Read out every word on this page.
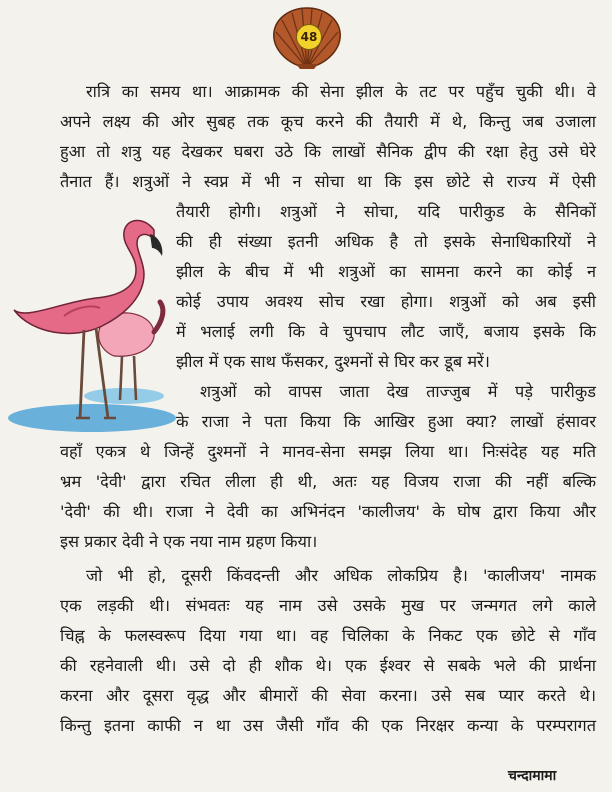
48
रात्रि का समय था। आक्रामक की सेना झील के तट पर पहुँच चुकी थी। वे
अपने लक्ष्य की ओर सुबह तक कूच करने की तैयारी में थे, किन्तु जब उजाला
हुआ तो शत्रु यह देखकर घबरा उठे कि लाखों सैनिक द्वीप की रक्षा हेतु उसे घेरे
तैनात हैं। शत्रुओं ने स्वप्न में भी न सोचा था कि इस छोटे से राज्य में ऐसी
तैयारी होगी। शत्रुओं ने सोचा, यदि पारीकुड के सैनिकों
की ही संख्या इतनी अधिक है तो इसके सेनाधिकारियों ने
झील के बीच में भी शत्रुओं का सामना करने का कोई न
कोई उपाय अवश्य सोच रखा होगा। शत्रुओं को अब इसी
में भलाई लगी कि वे चुपचाप लौट जाएँ, बजाय इसके कि
झील में एक साथ फँसकर, दुश्मनों से घिर कर डूब मरें।
शत्रुओं को वापस जाता देख ताज्जुब में पड़े पारीकुड
के राजा ने पता किया कि आखिर हुआ क्या? लाखों हंसावर
वहाँ एकत्र थे जिन्हें दुश्मनों ने मानव-सेना समझ लिया था। निःसंदेह यह मति
भ्रम 'देवी' द्वारा रचित लीला ही थी, अतः यह विजय राजा की नहीं बल्कि
'देवी' की थी। राजा ने देवी का अभिनंदन 'कालीजय' के घोष द्वारा किया और
इस प्रकार देवी ने एक नया नाम ग्रहण किया।
जो भी हो, दूसरी किंवदन्ती और अधिक लोकप्रिय है। 'कालीजय' नामक
एक लड़की थी। संभवतः यह नाम उसे उसके मुख पर जन्मगत लगे काले
चिह्न के फलस्वरूप दिया गया था। वह चिलिका के निकट एक छोटे से गाँव
की रहनेवाली थी। उसे दो ही शौक थे। एक ईश्वर से सबके भले की प्रार्थना
करना और दूसरा वृद्ध और बीमारों की सेवा करना। उसे सब प्यार करते थे।
किन्तु इतना काफी न था उस जैसी गाँव की एक निरक्षर कन्या के परम्परागत
चन्दामामा
